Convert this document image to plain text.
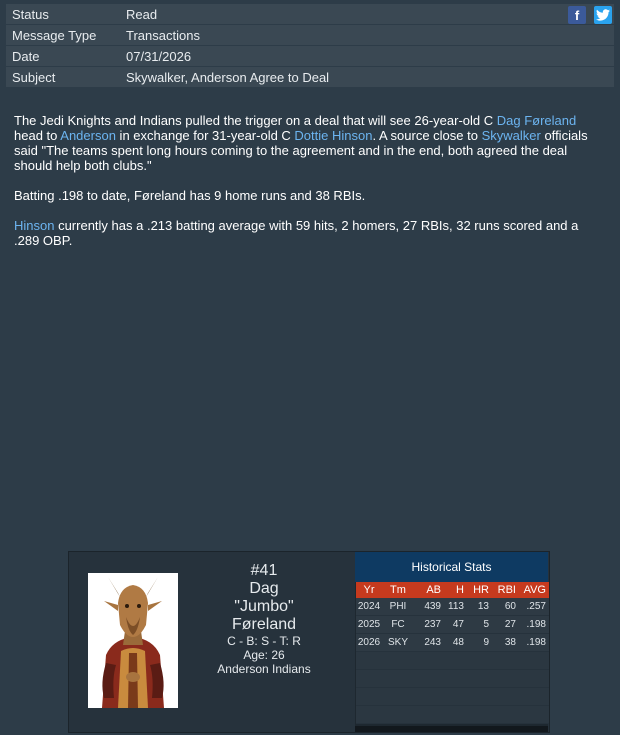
Status	Read
Message Type	Transactions
Date	07/31/2026
Subject	Skywalker, Anderson Agree to Deal
f

The Jedi Knights and Indians pulled the trigger on a deal that will see 26-year-old C Dag Føreland head to Anderson in exchange for 31-year-old C Dottie Hinson. A source close to Skywalker officials said "The teams spent long hours coming to the agreement and in the end, both agreed the deal should help both clubs."

Batting .198 to date, Føreland has 9 home runs and 38 RBIs.

Hinson currently has a .213 batting average with 59 hits, 2 homers, 27 RBIs, 32 runs scored and a .289 OBP.

#41
Dag
"Jumbo"
Føreland
C - B: S - T: R
Age: 26
Anderson Indians
Historical Stats
Yr	Tm	AB	H	HR	RBI	AVG
2024	PHI	439	113	13	60	.257
2025	FC	237	47	5	27	.198
2026	SKY	243	48	9	38	.198
